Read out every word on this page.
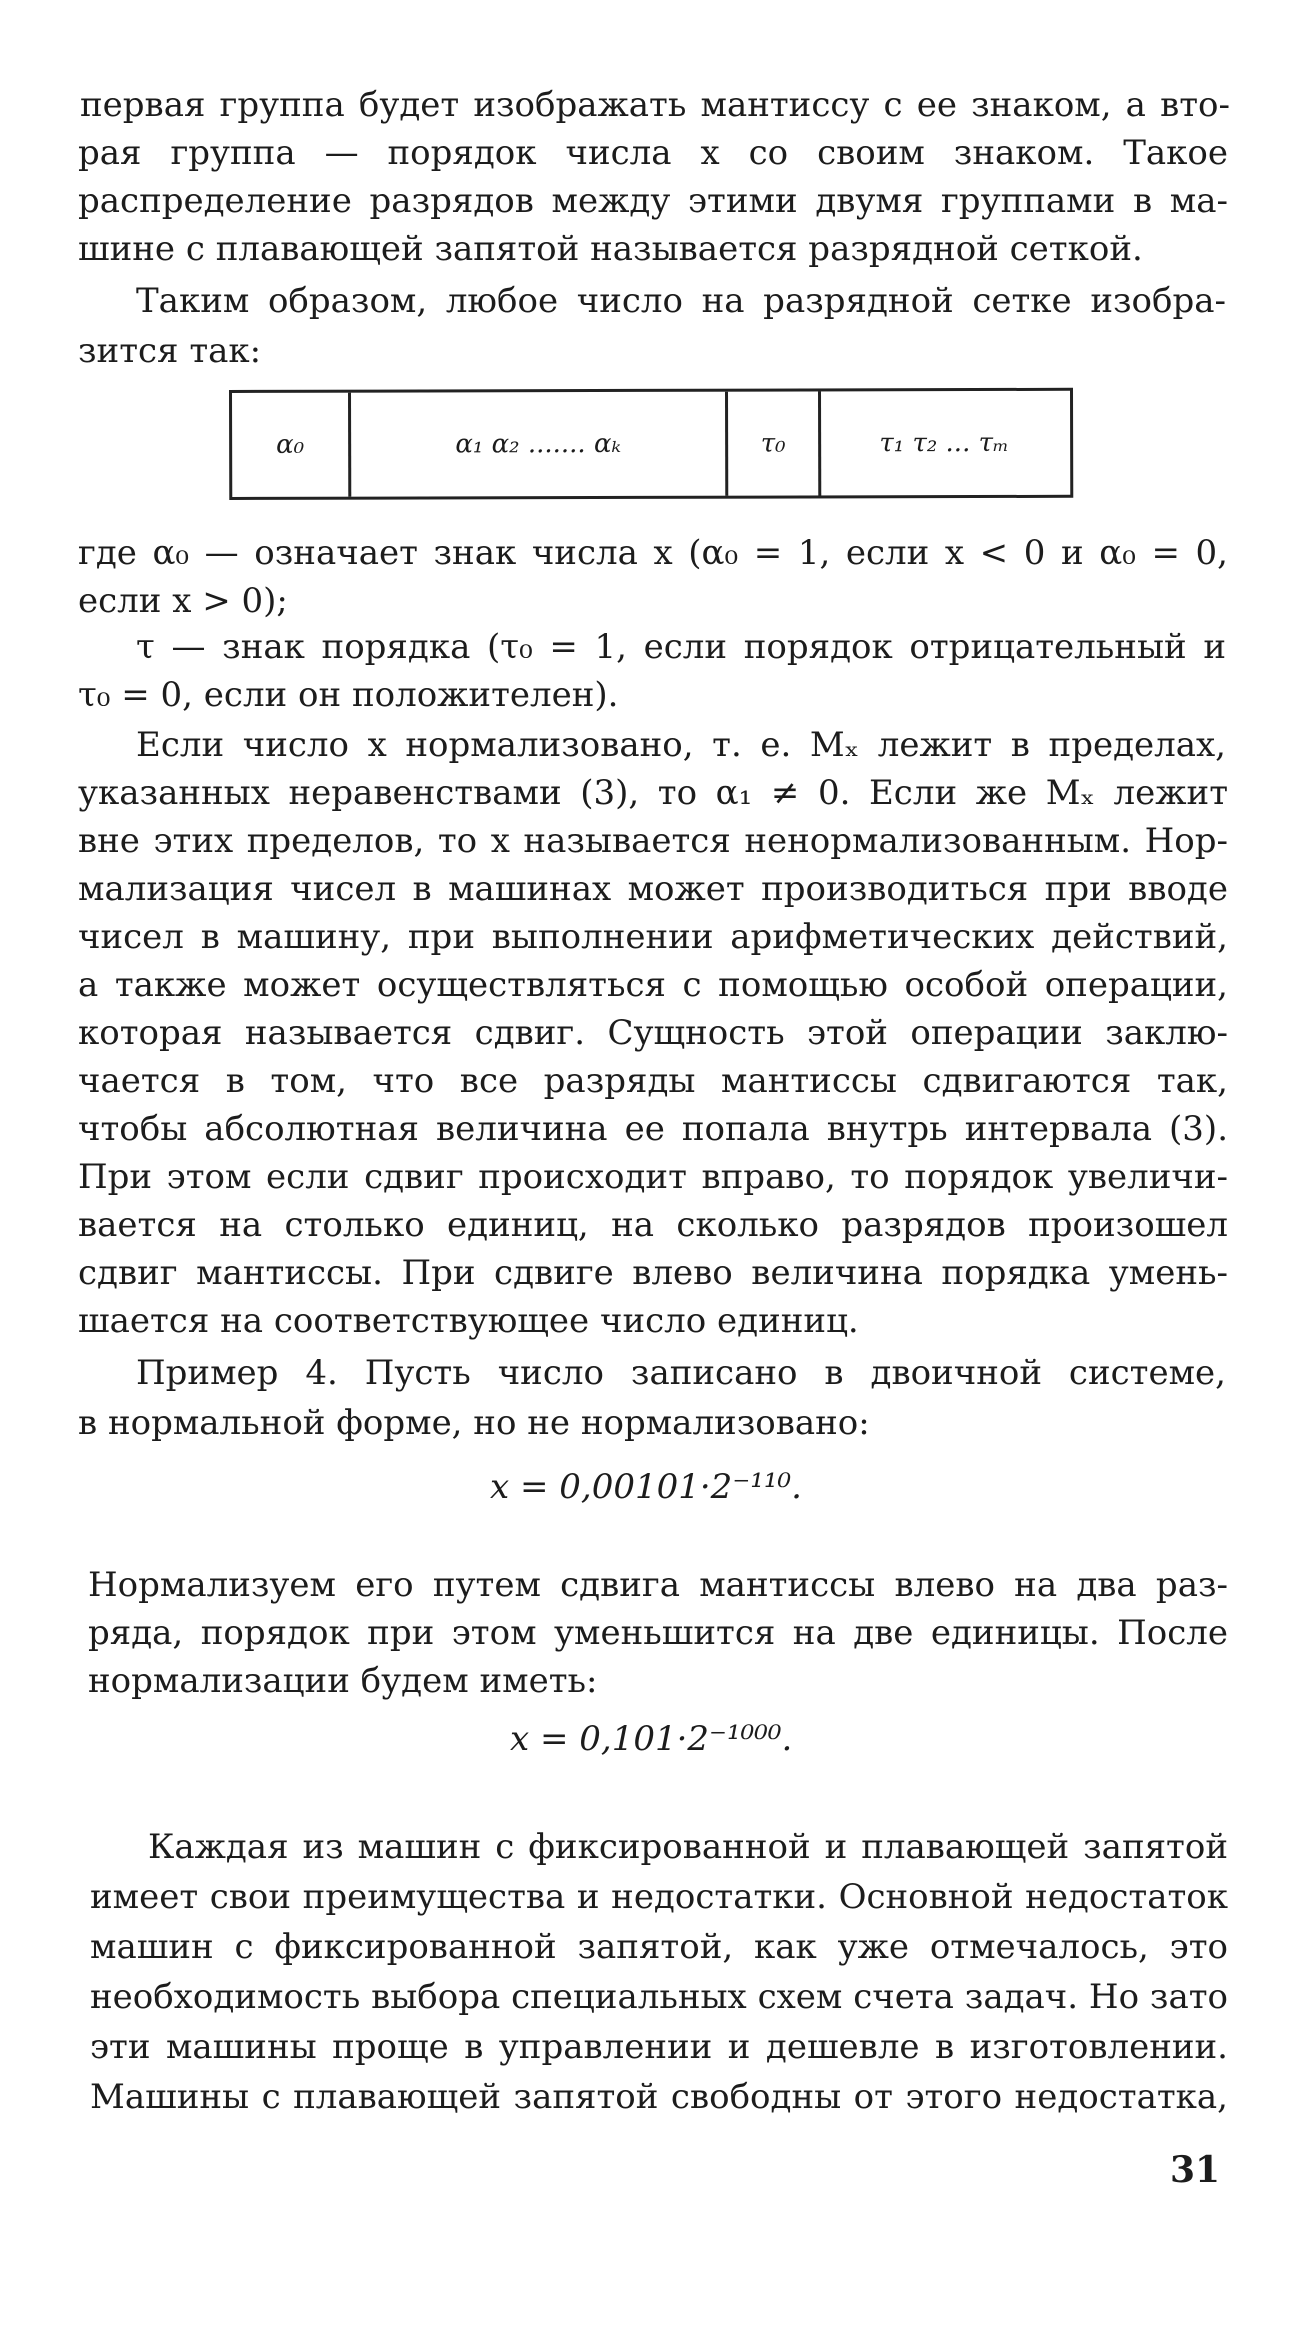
α₀	α₁ α₂ ....... αₖ	τ₀	τ₁ τ₂ ... τₘ
первая группа будет изображать мантиссу с ее знаком, а вто-
рая группа — порядок числа x со своим знаком. Такое
распределение разрядов между этими двумя группами в ма-
шине с плавающей запятой называется разрядной сеткой.
Таким образом, любое число на разрядной сетке изобра-
зится так:
где α₀ — означает знак числа x (α₀ = 1, если x < 0 и α₀ = 0,
если x > 0);
τ — знак порядка (τ₀ = 1, если порядок отрицательный и
τ₀ = 0, если он положителен).
Если число x нормализовано, т. е. Mₓ лежит в пределах,
указанных неравенствами (3), то α₁ ≠ 0. Если же Mₓ лежит
вне этих пределов, то x называется ненормализованным. Нор-
мализация чисел в машинах может производиться при вводе
чисел в машину, при выполнении арифметических действий,
а также может осуществляться с помощью особой операции,
которая называется сдвиг. Сущность этой операции заклю-
чается в том, что все разряды мантиссы сдвигаются так,
чтобы абсолютная величина ее попала внутрь интервала (3).
При этом если сдвиг происходит вправо, то порядок увеличи-
вается на столько единиц, на сколько разрядов произошел
сдвиг мантиссы. При сдвиге влево величина порядка умень-
шается на соответствующее число единиц.
Пример 4. Пусть число записано в двоичной системе,
в нормальной форме, но не нормализовано:
x = 0,00101·2⁻¹¹⁰.
Нормализуем его путем сдвига мантиссы влево на два раз-
ряда, порядок при этом уменьшится на две единицы. После
нормализации будем иметь:
x = 0,101·2⁻¹⁰⁰⁰.
Каждая из машин с фиксированной и плавающей запятой
имеет свои преимущества и недостатки. Основной недостаток
машин с фиксированной запятой, как уже отмечалось, это
необходимость выбора специальных схем счета задач. Но зато
эти машины проще в управлении и дешевле в изготовлении.
Машины с плавающей запятой свободны от этого недостатка,
31
